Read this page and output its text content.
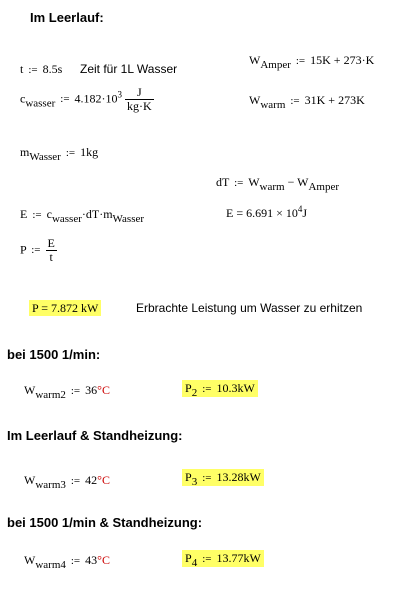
Im Leerlauf:
t := 8.5s Zeit für 1L Wasser
$W_{Amper}$ := 15K + 273·K
$c_{wasser}$ := $4.182\cdot 10^3 \frac{J}{kg\cdot K}$	$W_{warm}$ := 31K + 273K
$m_{Wasser}$ := 1kg
dT := $W_{warm} - W_{Amper}$
E := $c_{wasser}\cdot dT\cdot m_{Wasser}$	$E = 6.691 \times 10^4J$
P := $\frac{E}{t}$
P = 7.872 kW	Erbrachte Leistung um Wasser zu erhitzen
bei 1500 1/min:
$W_{warm2}$ := 36°C	$P_2$ := 10.3kW
Im Leerlauf & Standheizung:
$W_{warm3}$ := 42°C	$P_3$ := 13.28kW
bei 1500 1/min & Standheizung:
$W_{warm4}$ := 43°C	$P_4$ := 13.77kW
